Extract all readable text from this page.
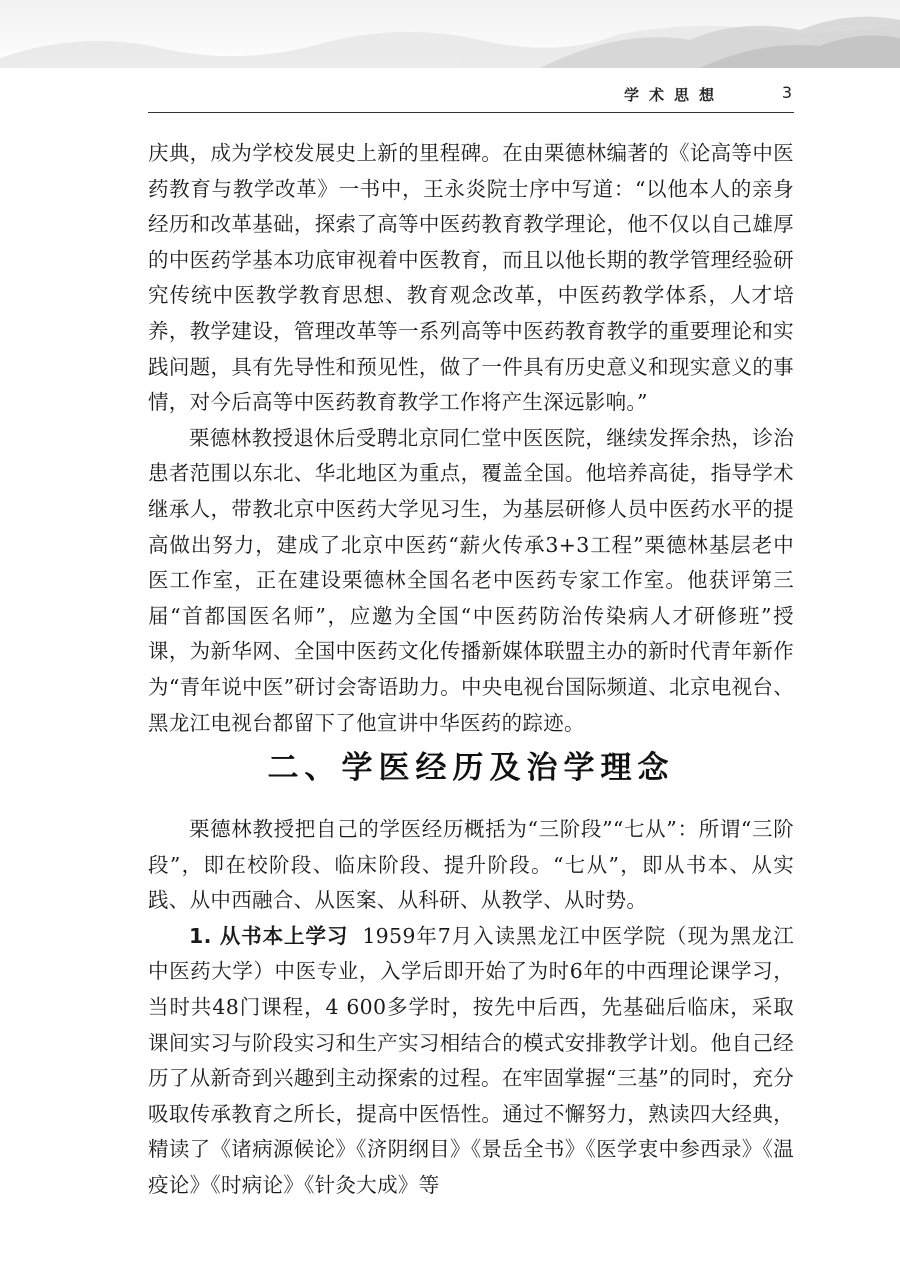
学术思想	3

庆典，成为学校发展史上新的里程碑。在由栗德林编著的《论高等中医药教育与教学改革》一书中，王永炎院士序中写道：“以他本人的亲身经历和改革基础，探索了高等中医药教育教学理论，他不仅以自己雄厚的中医药学基本功底审视着中医教育，而且以他长期的教学管理经验研究传统中医教学教育思想、教育观念改革，中医药教学体系，人才培养，教学建设，管理改革等一系列高等中医药教育教学的重要理论和实践问题，具有先导性和预见性，做了一件具有历史意义和现实意义的事情，对今后高等中医药教育教学工作将产生深远影响。”

栗德林教授退休后受聘北京同仁堂中医医院，继续发挥余热，诊治患者范围以东北、华北地区为重点，覆盖全国。他培养高徒，指导学术继承人，带教北京中医药大学见习生，为基层研修人员中医药水平的提高做出努力，建成了北京中医药“薪火传承3+3工程”栗德林基层老中医工作室，正在建设栗德林全国名老中医药专家工作室。他获评第三届“首都国医名师”，应邀为全国“中医药防治传染病人才研修班”授课，为新华网、全国中医药文化传播新媒体联盟主办的新时代青年新作为“青年说中医”研讨会寄语助力。中央电视台国际频道、北京电视台、黑龙江电视台都留下了他宣讲中华医药的踪迹。

二、学医经历及治学理念

栗德林教授把自己的学医经历概括为“三阶段”“七从”：所谓“三阶段”，即在校阶段、临床阶段、提升阶段。“七从”，即从书本、从实践、从中西融合、从医案、从科研、从教学、从时势。

1. 从书本上学习 1959年7月入读黑龙江中医学院（现为黑龙江中医药大学）中医专业，入学后即开始了为时6年的中西理论课学习，当时共48门课程，4 600多学时，按先中后西，先基础后临床，采取课间实习与阶段实习和生产实习相结合的模式安排教学计划。他自己经历了从新奇到兴趣到主动探索的过程。在牢固掌握“三基”的同时，充分吸取传承教育之所长，提高中医悟性。通过不懈努力，熟读四大经典，精读了《诸病源候论》《济阴纲目》《景岳全书》《医学衷中参西录》《温疫论》《时病论》《针灸大成》等
